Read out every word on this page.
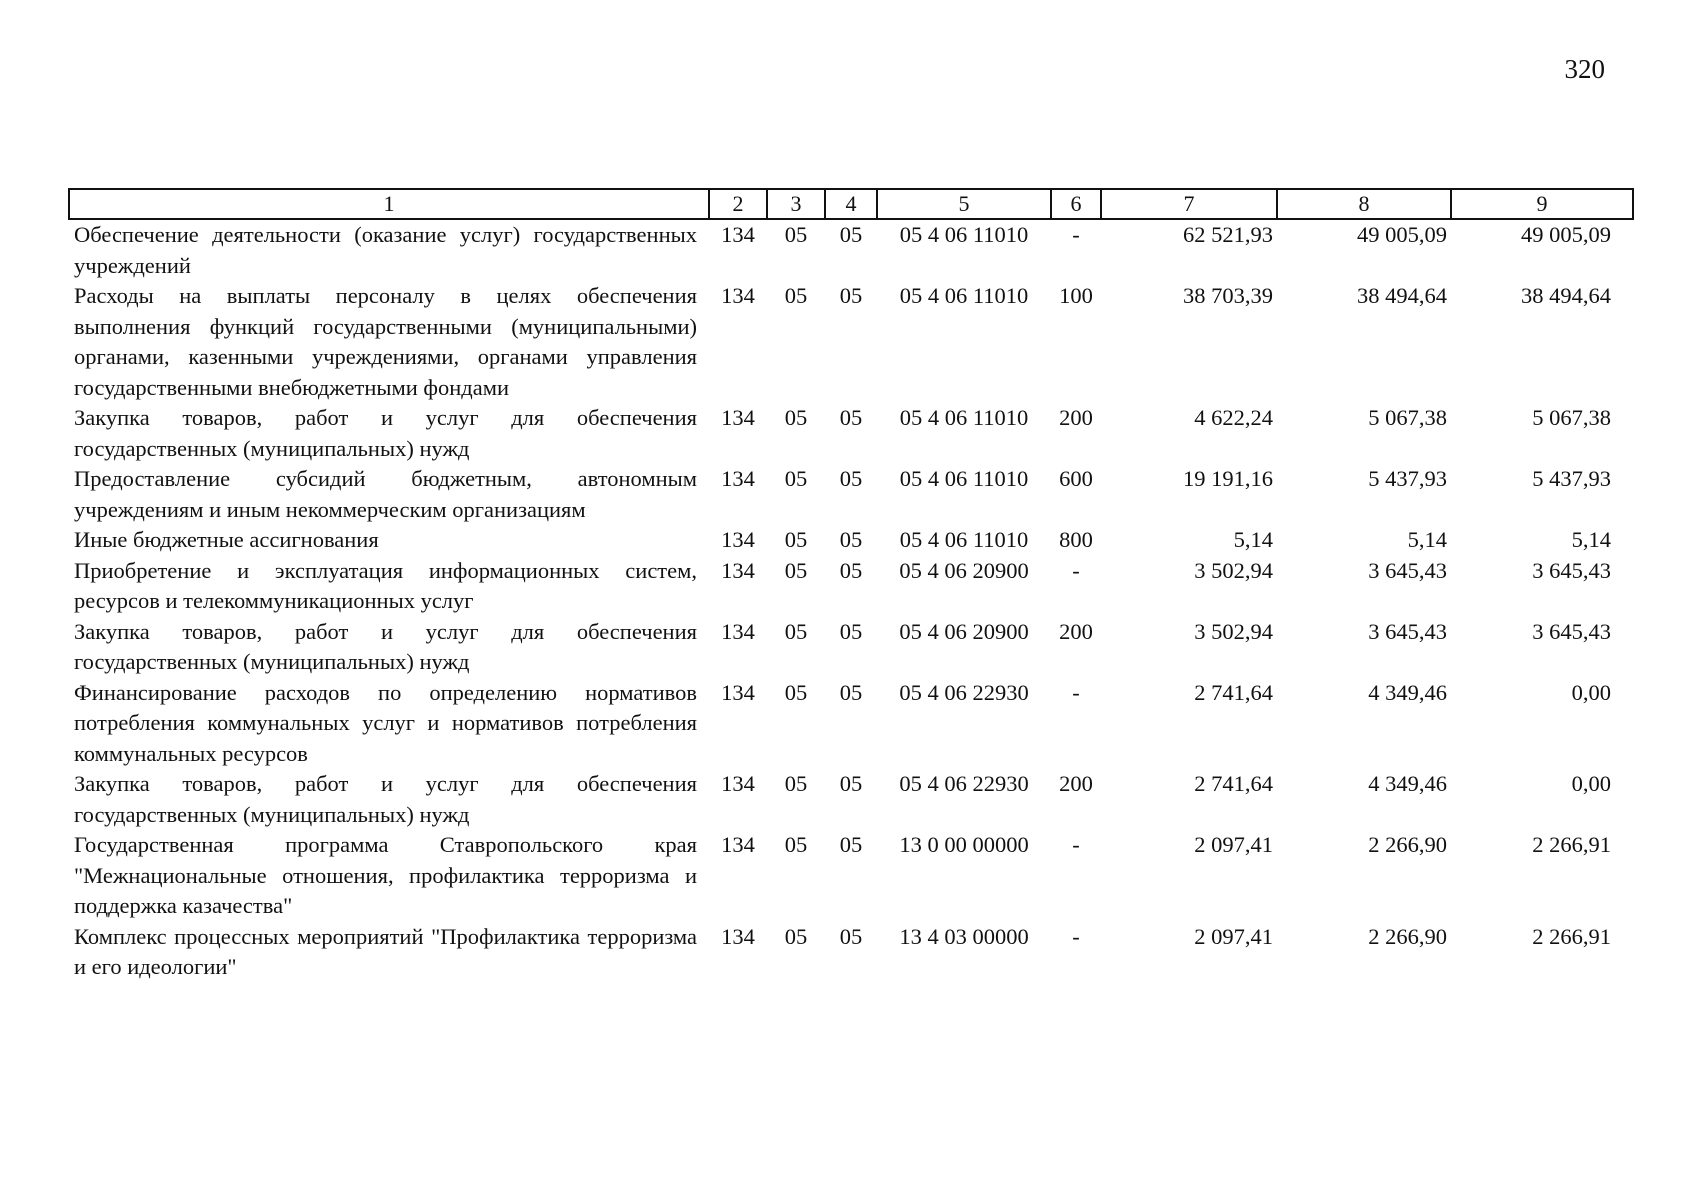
320
1	2	3	4	5	6	7	8	9
Обеспечение деятельности (оказание услуг) государственных учреждений	134	05	05	05 4 06 11010	-	62 521,93	49 005,09	49 005,09
Расходы на выплаты персоналу в целях обеспечения выполнения функций государственными (муниципальными) органами, казенными учреждениями, органами управления государственными внебюджетными фондами	134	05	05	05 4 06 11010	100	38 703,39	38 494,64	38 494,64
Закупка товаров, работ и услуг для обеспечения государственных (муниципальных) нужд	134	05	05	05 4 06 11010	200	4 622,24	5 067,38	5 067,38
Предоставление субсидий бюджетным, автономным учреждениям и иным некоммерческим организациям	134	05	05	05 4 06 11010	600	19 191,16	5 437,93	5 437,93
Иные бюджетные ассигнования	134	05	05	05 4 06 11010	800	5,14	5,14	5,14
Приобретение и эксплуатация информационных систем, ресурсов и телекоммуникационных услуг	134	05	05	05 4 06 20900	-	3 502,94	3 645,43	3 645,43
Закупка товаров, работ и услуг для обеспечения государственных (муниципальных) нужд	134	05	05	05 4 06 20900	200	3 502,94	3 645,43	3 645,43
Финансирование расходов по определению нормативов потребления коммунальных услуг и нормативов потребления коммунальных ресурсов	134	05	05	05 4 06 22930	-	2 741,64	4 349,46	0,00
Закупка товаров, работ и услуг для обеспечения государственных (муниципальных) нужд	134	05	05	05 4 06 22930	200	2 741,64	4 349,46	0,00
Государственная программа Ставропольского края "Межнациональные отношения, профилактика терроризма и поддержка казачества"	134	05	05	13 0 00 00000	-	2 097,41	2 266,90	2 266,91
Комплекс процессных мероприятий "Профилактика терроризма и его идеологии"	134	05	05	13 4 03 00000	-	2 097,41	2 266,90	2 266,91
